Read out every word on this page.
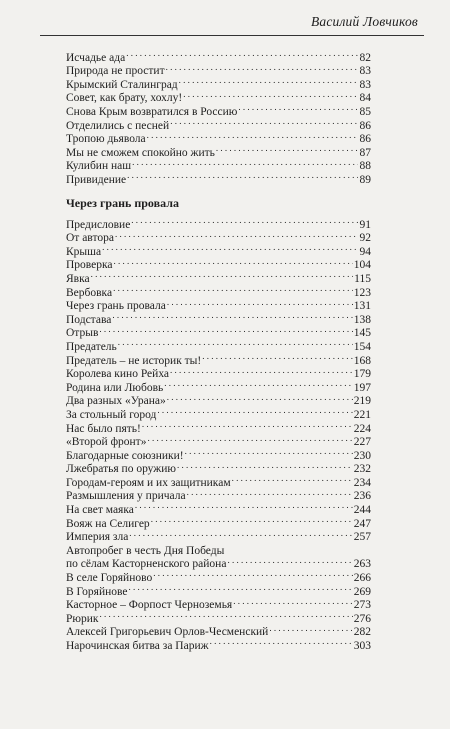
Василий Ловчиков
Исчадье ада . . .	82
Природа не простит . . .	83
Крымский Сталинград . . .	83
Совет, как брату, хохлу! . . .	84
Снова Крым возвратился в Россию . . .	85
Отделились с песней . . .	86
Тропою дьявола . . .	86
Мы не сможем спокойно жить . . .	87
Кулибин наш . . .	88
Привидение . . .	89
Через грань провала
Предисловие . . .	91
От автора . . .	92
Крыша . . .	94
Проверка . . .	104
Явка . . .	115
Вербовка . . .	123
Через грань провала . . .	131
Подстава . . .	138
Отрыв . . .	145
Предатель . . .	154
Предатель – не историк ты! . . .	168
Королева кино Рейха . . .	179
Родина или Любовь . . .	197
Два разных «Урана» . . .	219
За стольный город . . .	221
Нас было пять! . . .	224
«Второй фронт» . . .	227
Благодарные союзники! . . .	230
Лжебратья по оружию . . .	232
Городам-героям и их защитникам . . .	234
Размышления у причала . . .	236
На свет маяка . . .	244
Вояж на Селигер . . .	247
Империя зла . . .	257
Автопробег в честь Дня Победы
по сёлам Касторненского района . . .	263
В селе Горяйново . . .	266
В Горяйнове . . .	269
Касторное – Форпост Черноземья . . .	273
Рюрик . . .	276
Алексей Григорьевич Орлов-Чесменский . . .	282
Нарочинская битва за Париж . . .	303
